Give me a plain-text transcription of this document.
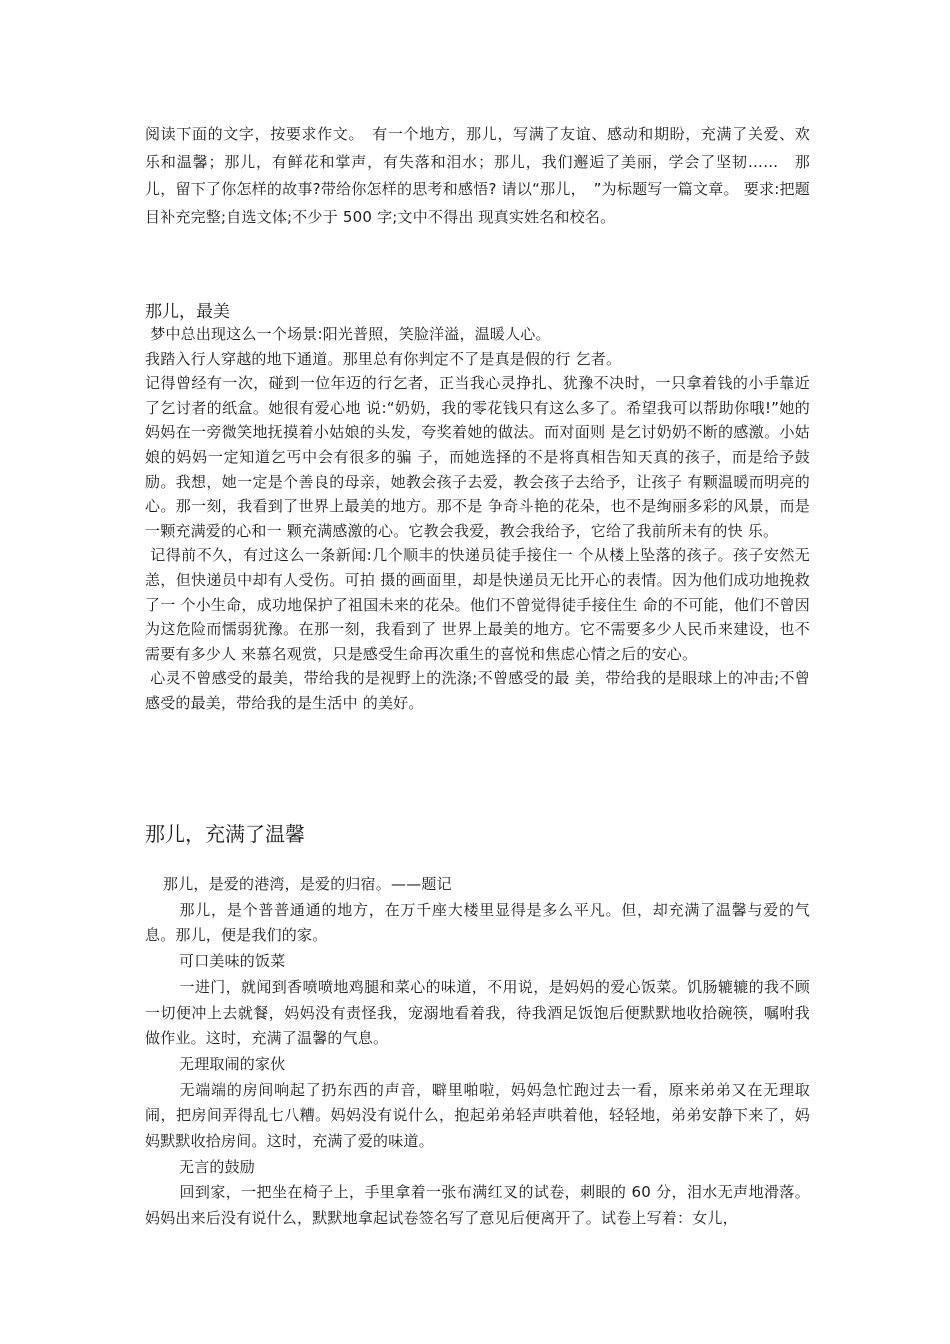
阅读下面的文字，按要求作文。　有一个地方，那儿，写满了友谊、感动和期盼，充满了关爱、欢 乐和温馨；那儿，有鲜花和掌声，有失落和泪水；那儿，我们邂逅了美丽，学会了坚韧……　那儿，留下了你怎样的故事?带给你怎样的思考和感悟? 请以“那儿，　”为标题写一篇文章。 要求:把题目补充完整;自选文体;不少于 500 字;文中不得出 现真实姓名和校名。

那儿，最美

梦中总出现这么一个场景:阳光普照，笑脸洋溢，温暖人心。

我踏入行人穿越的地下通道。那里总有你判定不了是真是假的行 乞者。

记得曾经有一次，碰到一位年迈的行乞者，正当我心灵挣扎、犹豫不决时，一只拿着钱的小手靠近了乞讨者的纸盒。她很有爱心地 说:“奶奶，我的零花钱只有这么多了。希望我可以帮助你哦!”她的 妈妈在一旁微笑地抚摸着小姑娘的头发，夸奖着她的做法。而对面则 是乞讨奶奶不断的感激。小姑娘的妈妈一定知道乞丐中会有很多的骗 子，而她选择的不是将真相告知天真的孩子，而是给予鼓励。我想，她一定是个善良的母亲，她教会孩子去爱，教会孩子去给予，让孩子 有颗温暖而明亮的心。那一刻，我看到了世界上最美的地方。那不是 争奇斗艳的花朵，也不是绚丽多彩的风景，而是一颗充满爱的心和一 颗充满感激的心。它教会我爱，教会我给予，它给了我前所未有的快 乐。

记得前不久，有过这么一条新闻:几个顺丰的快递员徒手接住一 个从楼上坠落的孩子。孩子安然无恙，但快递员中却有人受伤。可拍 摄的画面里，却是快递员无比开心的表情。因为他们成功地挽救了一 个小生命，成功地保护了祖国未来的花朵。他们不曾觉得徒手接住生 命的不可能，他们不曾因为这危险而懦弱犹豫。在那一刻，我看到了 世界上最美的地方。它不需要多少人民币来建设，也不需要有多少人 来慕名观赏，只是感受生命再次重生的喜悦和焦虑心情之后的安心。

心灵不曾感受的最美，带给我的是视野上的洗涤;不曾感受的最 美，带给我的是眼球上的冲击;不曾感受的最美，带给我的是生活中 的美好。

那儿，充满了温馨

那儿，是爱的港湾，是爱的归宿。——题记

那儿，是个普普通通的地方，在万千座大楼里显得是多么平凡。但，却充满了温馨与爱的气息。那儿，便是我们的家。

可口美味的饭菜

一进门，就闻到香喷喷地鸡腿和菜心的味道，不用说，是妈妈的爱心饭菜。饥肠辘辘的我不顾一切便冲上去就餐，妈妈没有责怪我，宠溺地看着我，待我酒足饭饱后便默默地收拾碗筷，嘱咐我做作业。这时，充满了温馨的气息。

无理取闹的家伙

无端端的房间响起了扔东西的声音，噼里啪啦，妈妈急忙跑过去一看，原来弟弟又在无理取闹，把房间弄得乱七八糟。妈妈没有说什么，抱起弟弟轻声哄着他，轻轻地，弟弟安静下来了，妈妈默默收拾房间。这时，充满了爱的味道。

无言的鼓励

回到家，一把坐在椅子上，手里拿着一张布满红叉的试卷，刺眼的 60 分，泪水无声地滑落。妈妈出来后没有说什么，默默地拿起试卷签名写了意见后便离开了。试卷上写着：女儿，
